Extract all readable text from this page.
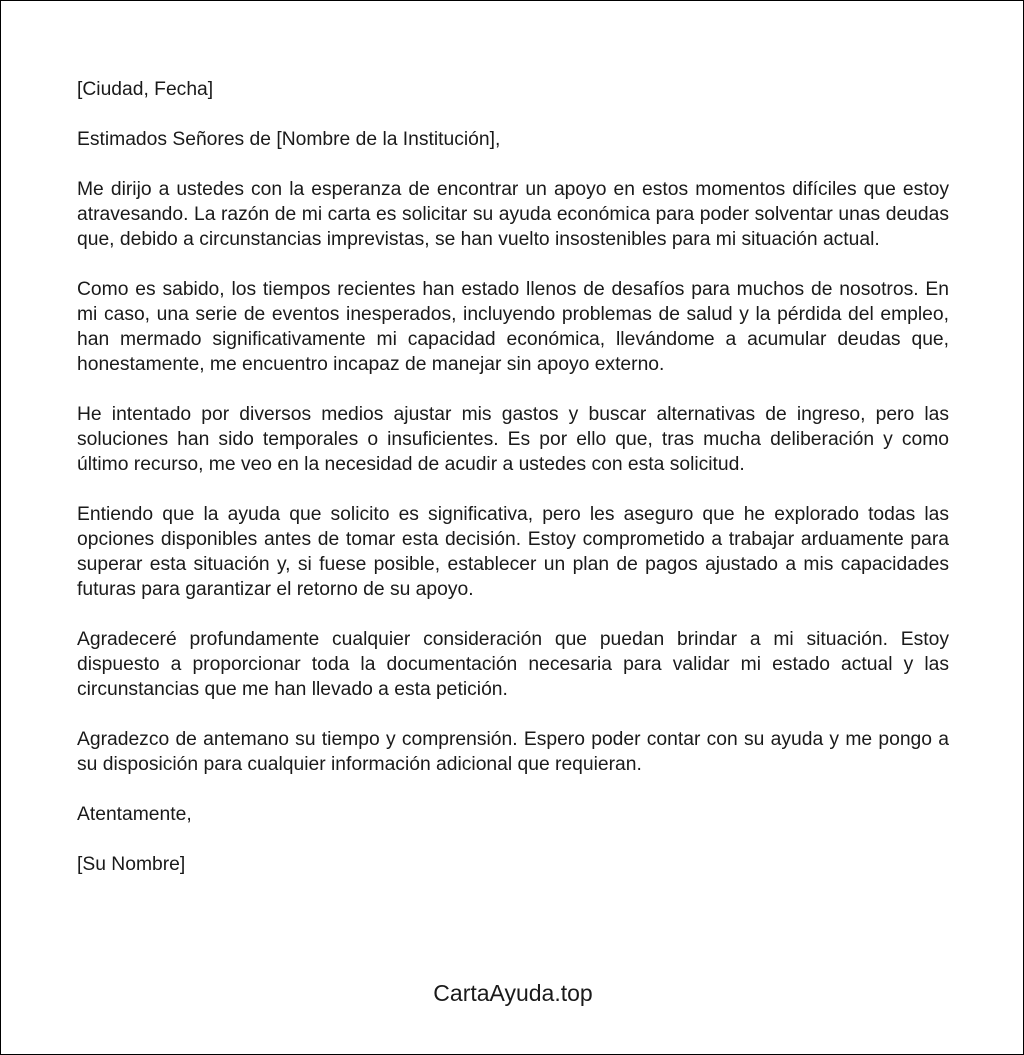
[Ciudad, Fecha]

Estimados Señores de [Nombre de la Institución],

Me dirijo a ustedes con la esperanza de encontrar un apoyo en estos momentos difíciles que estoy atravesando. La razón de mi carta es solicitar su ayuda económica para poder solventar unas deudas que, debido a circunstancias imprevistas, se han vuelto insostenibles para mi situación actual.

Como es sabido, los tiempos recientes han estado llenos de desafíos para muchos de nosotros. En mi caso, una serie de eventos inesperados, incluyendo problemas de salud y la pérdida del empleo, han mermado significativamente mi capacidad económica, llevándome a acumular deudas que, honestamente, me encuentro incapaz de manejar sin apoyo externo.

He intentado por diversos medios ajustar mis gastos y buscar alternativas de ingreso, pero las soluciones han sido temporales o insuficientes. Es por ello que, tras mucha deliberación y como último recurso, me veo en la necesidad de acudir a ustedes con esta solicitud.

Entiendo que la ayuda que solicito es significativa, pero les aseguro que he explorado todas las opciones disponibles antes de tomar esta decisión. Estoy comprometido a trabajar arduamente para superar esta situación y, si fuese posible, establecer un plan de pagos ajustado a mis capacidades futuras para garantizar el retorno de su apoyo.

Agradeceré profundamente cualquier consideración que puedan brindar a mi situación. Estoy dispuesto a proporcionar toda la documentación necesaria para validar mi estado actual y las circunstancias que me han llevado a esta petición.

Agradezco de antemano su tiempo y comprensión. Espero poder contar con su ayuda y me pongo a su disposición para cualquier información adicional que requieran.

Atentamente,

[Su Nombre]

CartaAyuda.top
